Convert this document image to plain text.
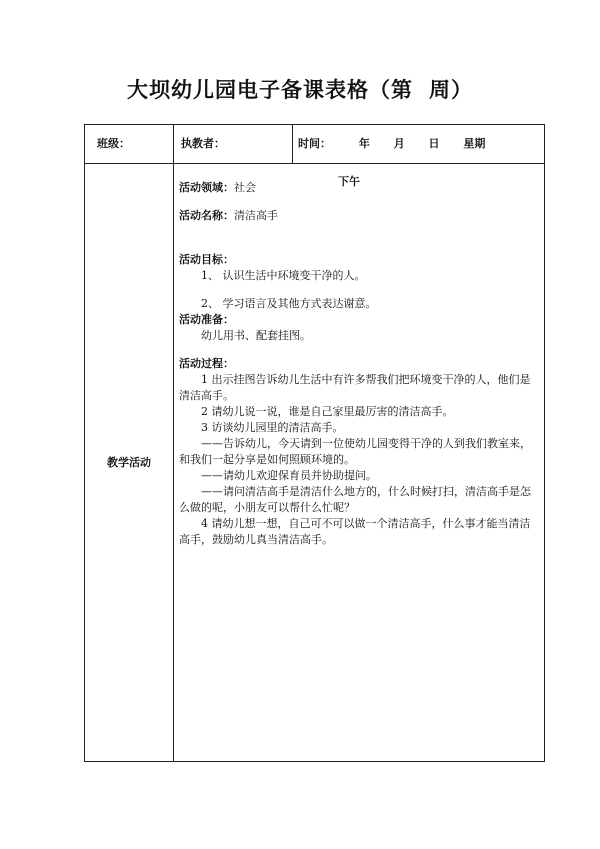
大坝幼儿园电子备课表格（第 周）
班级：	执教者：	时间：	年 月 日 星期 下午
教学活动

活动领域：社会

活动名称：清洁高手

活动目标：

1、 认识生活中环境变干净的人。

2、 学习语言及其他方式表达谢意。

活动准备：

幼儿用书、配套挂图。

活动过程：

1 出示挂图告诉幼儿生活中有许多帮我们把环境变干净的人，他们是清洁高手。

2 请幼儿说一说，谁是自己家里最厉害的清洁高手。

3 访谈幼儿园里的清洁高手。

——告诉幼儿，今天请到一位使幼儿园变得干净的人到我们教室来，和我们一起分享是如何照顾环境的。

——请幼儿欢迎保育员并协助提问。

——请问清洁高手是清洁什么地方的，什么时候打扫，清洁高手是怎么做的呢，小朋友可以帮什么忙呢？

4 请幼儿想一想，自己可不可以做一个清洁高手，什么事才能当清洁高手，鼓励幼儿真当清洁高手。
